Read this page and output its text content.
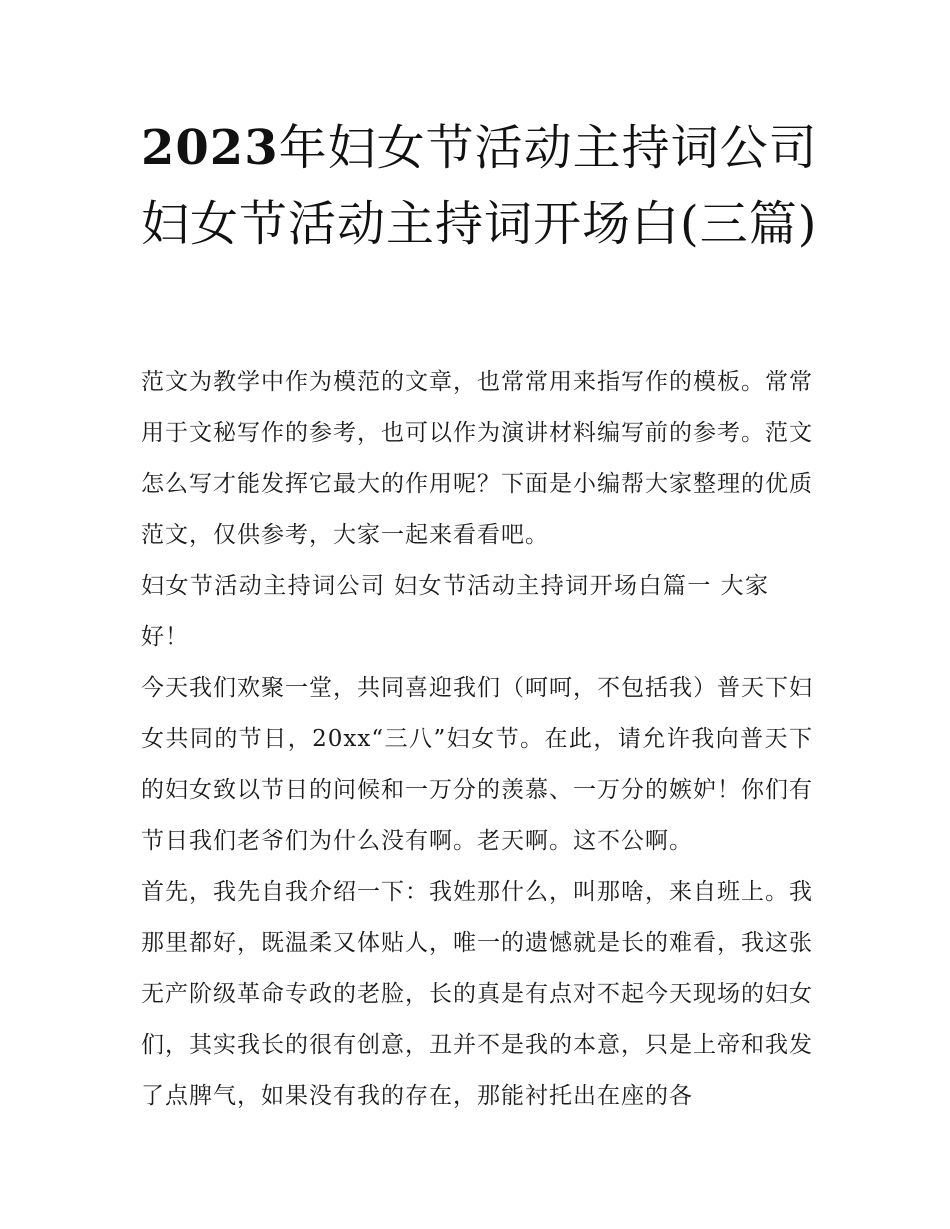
2023年妇女节活动主持词公司妇女节活动主持词开场白(三篇)

范文为教学中作为模范的文章，也常常用来指写作的模板。常常用于文秘写作的参考，也可以作为演讲材料编写前的参考。范文怎么写才能发挥它最大的作用呢？下面是小编帮大家整理的优质范文，仅供参考，大家一起来看看吧。

妇女节活动主持词公司 妇女节活动主持词开场白篇一 大家好！

今天我们欢聚一堂，共同喜迎我们（呵呵，不包括我）普天下妇女共同的节日，20xx“三八”妇女节。在此，请允许我向普天下的妇女致以节日的问候和一万分的羡慕、一万分的嫉妒！你们有节日我们老爷们为什么没有啊。老天啊。这不公啊。

首先，我先自我介绍一下：我姓那什么，叫那啥，来自班上。我那里都好，既温柔又体贴人，唯一的遗憾就是长的难看，我这张无产阶级革命专政的老脸，长的真是有点对不起今天现场的妇女们，其实我长的很有创意，丑并不是我的本意，只是上帝和我发了点脾气，如果没有我的存在，那能衬托出在座的各
